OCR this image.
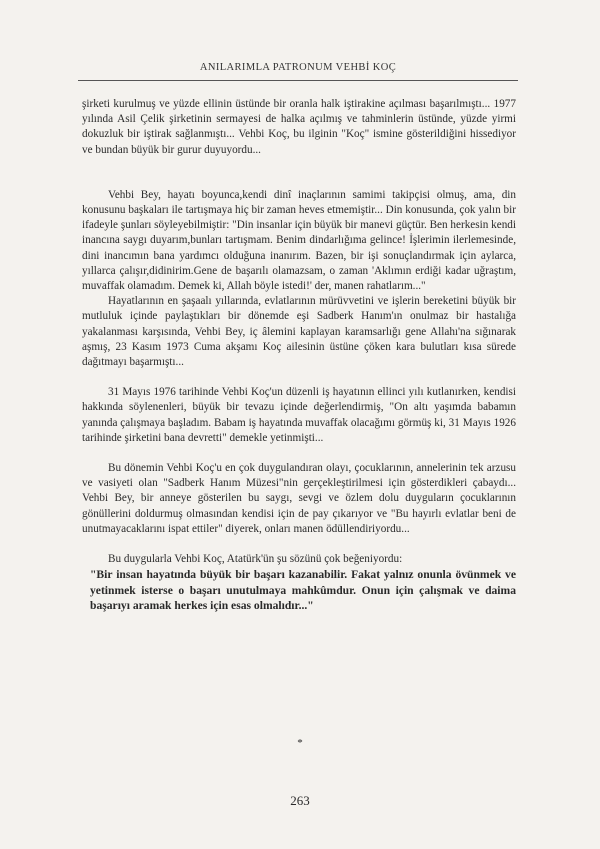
ANILARIMLA PATRONUM VEHBİ KOÇ

şirketi kurulmuş ve yüzde ellinin üstünde bir oranla halk iştirakine açılması başarılmıştı... 1977 yılında Asil Çelik şirketinin sermayesi de halka açılmış ve tahminlerin üstünde, yüzde yirmi dokuzluk bir iştirak sağlanmıştı... Vehbi Koç, bu ilginin "Koç" ismine gösterildiğini hissediyor ve bundan büyük bir gurur duyuyordu...

Vehbi Bey, hayatı boyunca,kendi dinî inaçlarının samimi takipçisi olmuş, ama, din konusunu başkaları ile tartışmaya hiç bir zaman heves etmemiştir... Din konusunda, çok yalın bir ifadeyle şunları söyleyebilmiştir: "Din insanlar için büyük bir manevi güçtür. Ben herkesin kendi inancına saygı duyarım,bunları tartışmam. Benim dindarlığıma gelince! İşlerimin ilerlemesinde, dini inancımın bana yardımcı olduğuna inanırım. Bazen, bir işi sonuçlandırmak için aylarca, yıllarca çalışır,didinirim.Gene de başarılı olamazsam, o zaman 'Aklımın erdiği kadar uğraştım, muvaffak olamadım. Demek ki, Allah böyle istedi!' der, manen rahatlarım..."

Hayatlarının en şaşaalı yıllarında, evlatlarının mürüvvetini ve işlerin bereketini büyük bir mutluluk içinde paylaştıkları bir dönemde eşi Sadberk Hanım'ın onulmaz bir hastalığa yakalanması karşısında, Vehbi Bey, iç âlemini kaplayan karamsarlığı gene Allahı'na sığınarak aşmış, 23 Kasım 1973 Cuma akşamı Koç ailesinin üstüne çöken kara bulutları kısa sürede dağıtmayı başarmıştı...

31 Mayıs 1976 tarihinde Vehbi Koç'un düzenli iş hayatının ellinci yılı kutlanırken, kendisi hakkında söylenenleri, büyük bir tevazu içinde değerlendirmiş, "On altı yaşımda babamın yanında çalışmaya başladım. Babam iş hayatında muvaffak olacağımı görmüş ki, 31 Mayıs 1926 tarihinde şirketini bana devretti" demekle yetinmişti...

Bu dönemin Vehbi Koç'u en çok duygulandıran olayı, çocuklarının, annelerinin tek arzusu ve vasiyeti olan "Sadberk Hanım Müzesi"nin gerçekleştirilmesi için gösterdikleri çabaydı... Vehbi Bey, bir anneye gösterilen bu saygı, sevgi ve özlem dolu duyguların çocuklarının gönüllerini doldurmuş olmasından kendisi için de pay çıkarıyor ve "Bu hayırlı evlatlar beni de unutmayacaklarını ispat ettiler" diyerek, onları manen ödüllendiriyordu...

Bu duygularla Vehbi Koç, Atatürk'ün şu sözünü çok beğeniyordu:

"Bir insan hayatında büyük bir başarı kazanabilir. Fakat yalnız onunla övünmek ve yetinmek isterse o başarı unutulmaya mahkûmdur. Onun için çalışmak ve daima başarıyı aramak herkes için esas olmalıdır..."

*
263
